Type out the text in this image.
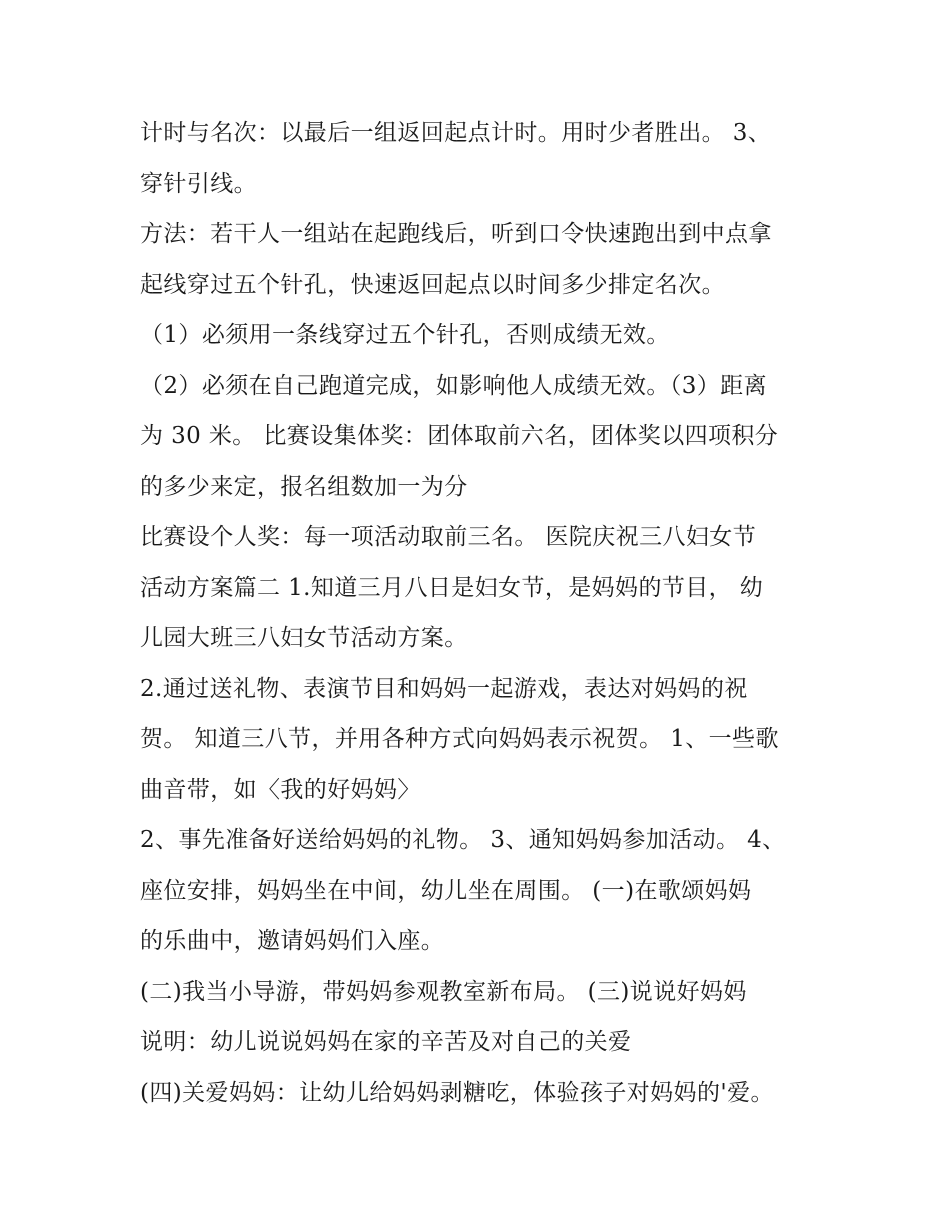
计时与名次：以最后一组返回起点计时。用时少者胜出。 3、
穿针引线。
方法：若干人一组站在起跑线后，听到口令快速跑出到中点拿
起线穿过五个针孔，快速返回起点以时间多少排定名次。
（1）必须用一条线穿过五个针孔，否则成绩无效。
（2）必须在自己跑道完成，如影响他人成绩无效。（3）距离
为 30 米。 比赛设集体奖：团体取前六名，团体奖以四项积分
的多少来定，报名组数加一为分
比赛设个人奖：每一项活动取前三名。 医院庆祝三八妇女节
活动方案篇二 1.知道三月八日是妇女节，是妈妈的节目， 幼
儿园大班三八妇女节活动方案。
2.通过送礼物、表演节目和妈妈一起游戏，表达对妈妈的祝
贺。 知道三八节，并用各种方式向妈妈表示祝贺。 1、一些歌
曲音带，如〈我的好妈妈〉
2、事先准备好送给妈妈的礼物。 3、通知妈妈参加活动。 4、
座位安排，妈妈坐在中间，幼儿坐在周围。 (一)在歌颂妈妈
的乐曲中，邀请妈妈们入座。
(二)我当小导游，带妈妈参观教室新布局。 (三)说说好妈妈
说明：幼儿说说妈妈在家的辛苦及对自己的关爱
(四)关爱妈妈：让幼儿给妈妈剥糖吃，体验孩子对妈妈的'爱。
